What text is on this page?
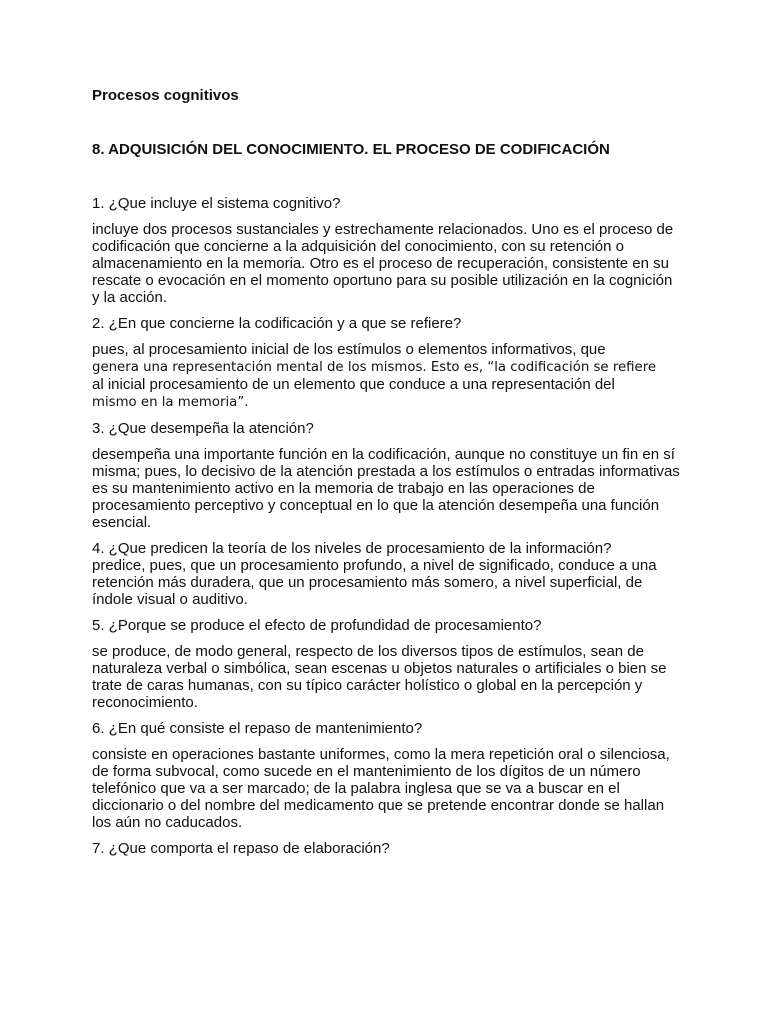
Procesos cognitivos

8. ADQUISICIÓN DEL CONOCIMIENTO. EL PROCESO DE CODIFICACIÓN

1. ¿Que incluye el sistema cognitivo?

incluye dos procesos sustanciales y estrechamente relacionados. Uno es el proceso de codificación que concierne a la adquisición del conocimiento, con su retención o almacenamiento en la memoria. Otro es el proceso de recuperación, consistente en su rescate o evocación en el momento oportuno para su posible utilización en la cognición y la acción.

2. ¿En que concierne la codificación y a que se refiere?

pues, al procesamiento inicial de los estímulos o elementos informativos, que
genera una representación mental de los mismos. Esto es, “la codificación se refiere
al inicial procesamiento de un elemento que conduce a una representación del
mismo en la memoria”.

3. ¿Que desempeña la atención?

desempeña una importante función en la codificación, aunque no constituye un fin en sí misma; pues, lo decisivo de la atención prestada a los estímulos o entradas informativas es su mantenimiento activo en la memoria de trabajo en las operaciones de procesamiento perceptivo y conceptual en lo que la atención desempeña una función esencial.

4. ¿Que predicen la teoría de los niveles de procesamiento de la información?

predice, pues, que un procesamiento profundo, a nivel de significado, conduce a una retención más duradera, que un procesamiento más somero, a nivel superficial, de índole visual o auditivo.

5. ¿Porque se produce el efecto de profundidad de procesamiento?

se produce, de modo general, respecto de los diversos tipos de estímulos, sean de naturaleza verbal o simbólica, sean escenas u objetos naturales o artificiales o bien se trate de caras humanas, con su típico carácter holístico o global en la percepción y reconocimiento.

6. ¿En qué consiste el repaso de mantenimiento?

consiste en operaciones bastante uniformes, como la mera repetición oral o silenciosa, de forma subvocal, como sucede en el mantenimiento de los dígitos de un número telefónico que va a ser marcado; de la palabra inglesa que se va a buscar en el diccionario o del nombre del medicamento que se pretende encontrar donde se hallan los aún no caducados.

7. ¿Que comporta el repaso de elaboración?
